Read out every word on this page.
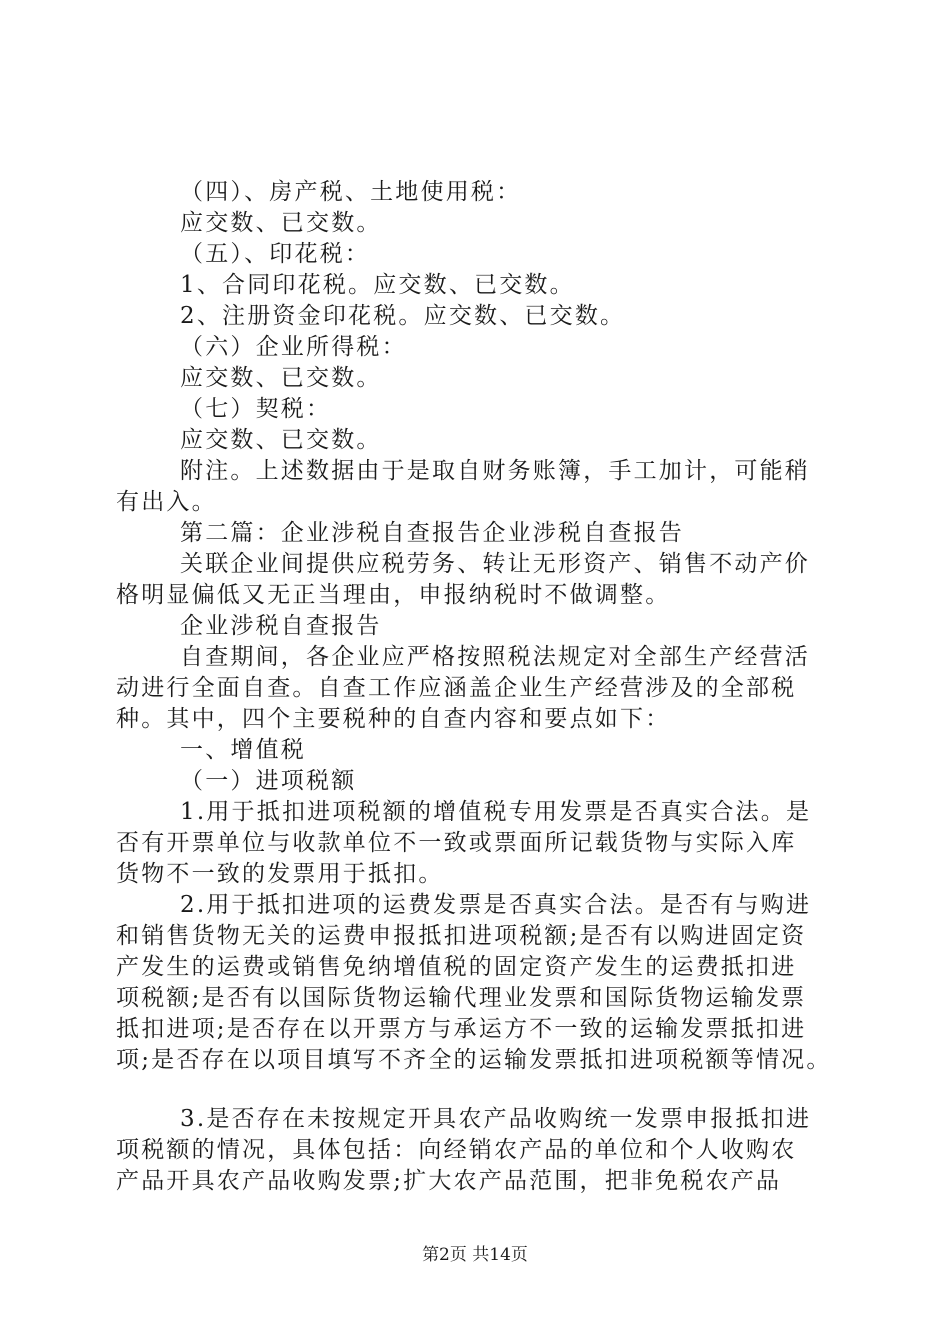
（四）、房产税、土地使用税：
应交数、已交数。
（五）、印花税：
1、合同印花税。应交数、已交数。
2、注册资金印花税。应交数、已交数。
（六）企业所得税：
应交数、已交数。
（七）契税：
应交数、已交数。
附注。上述数据由于是取自财务账簿，手工加计，可能稍
有出入。
第二篇：企业涉税自查报告企业涉税自查报告
关联企业间提供应税劳务、转让无形资产、销售不动产价
格明显偏低又无正当理由，申报纳税时不做调整。
企业涉税自查报告
自查期间，各企业应严格按照税法规定对全部生产经营活
动进行全面自查。自查工作应涵盖企业生产经营涉及的全部税
种。其中，四个主要税种的自查内容和要点如下：
一、增值税
（一）进项税额
1.用于抵扣进项税额的增值税专用发票是否真实合法。是
否有开票单位与收款单位不一致或票面所记载货物与实际入库
货物不一致的发票用于抵扣。
2.用于抵扣进项的运费发票是否真实合法。是否有与购进
和销售货物无关的运费申报抵扣进项税额;是否有以购进固定资
产发生的运费或销售免纳增值税的固定资产发生的运费抵扣进
项税额;是否有以国际货物运输代理业发票和国际货物运输发票
抵扣进项;是否存在以开票方与承运方不一致的运输发票抵扣进
项;是否存在以项目填写不齐全的运输发票抵扣进项税额等情况。
3.是否存在未按规定开具农产品收购统一发票申报抵扣进
项税额的情况，具体包括：向经销农产品的单位和个人收购农
产品开具农产品收购发票;扩大农产品范围，把非免税农产品
第2页 共14页
